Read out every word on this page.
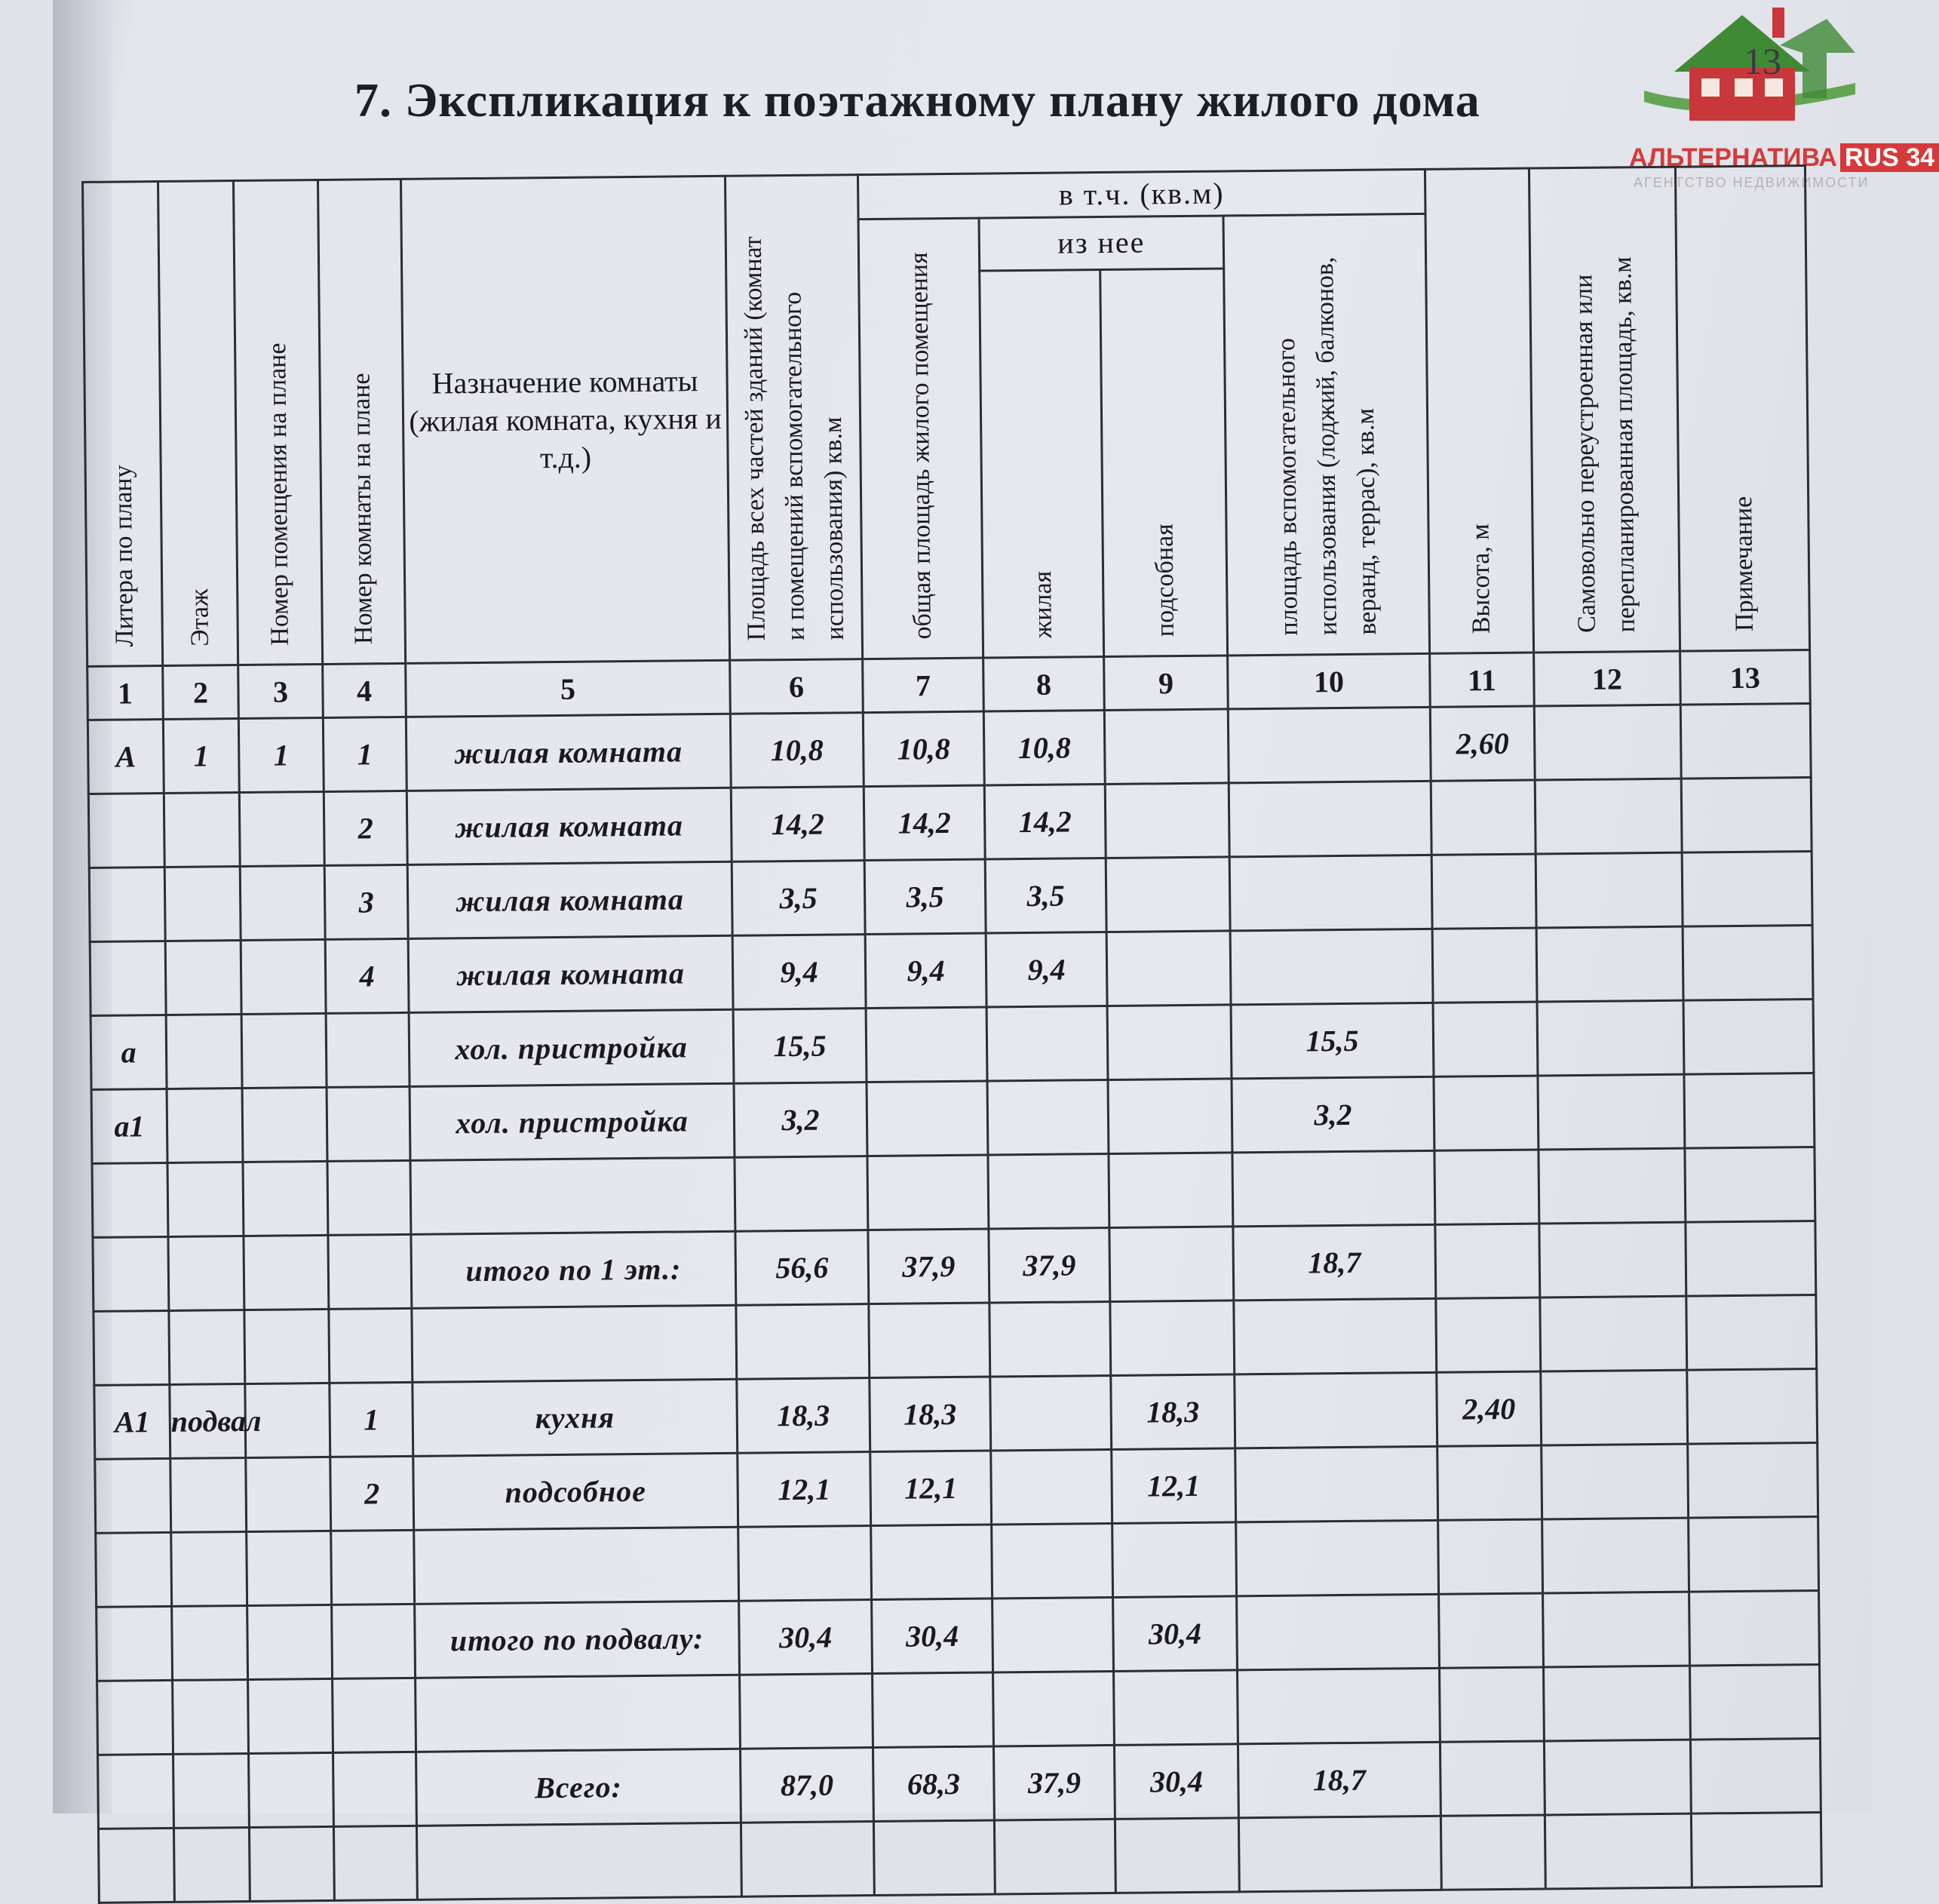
7. Экспликация к поэтажному плану жилого дома
13
АЛЬТЕРНАТИВА RUS 34
АГЕНТСТВО НЕДВИЖИМОСТИ
Литера по плану	Этаж	Номер помещения на плане	Номер комнаты на плане	Назначение комнаты (жилая комната, кухня и т.д.)	Площадь всех частей зданий (комнат и помещений вспомогательного использования) кв.м	в т.ч. (кв.м)				Высота, м	Самовольно переустроенная или перепланированная площадь, кв.м	Примечание

						общая площадь жилого помещения	из нее		площадь вспомогательного использования (лоджий, балконов, веранд, террас), кв.м			

							жилая	подсобная				

1	2	3	4	5	6	7	8	9	10	11	12	13
А	1	1	1	жилая комната	10,8	10,8	10,8			2,60		
			2	жилая комната	14,2	14,2	14,2					
			3	жилая комната	3,5	3,5	3,5					
			4	жилая комната	9,4	9,4	9,4					
а				хол. пристройка	15,5				15,5			
а1				хол. пристройка	3,2				3,2			

				итого по 1 эт.:	56,6	37,9	37,9		18,7			

А1	подвал		1	кухня	18,3	18,3		18,3		2,40		
			2	подсобное	12,1	12,1		12,1				

				итого по подвалу:	30,4	30,4		30,4				

				Всего:	87,0	68,3	37,9	30,4	18,7			
